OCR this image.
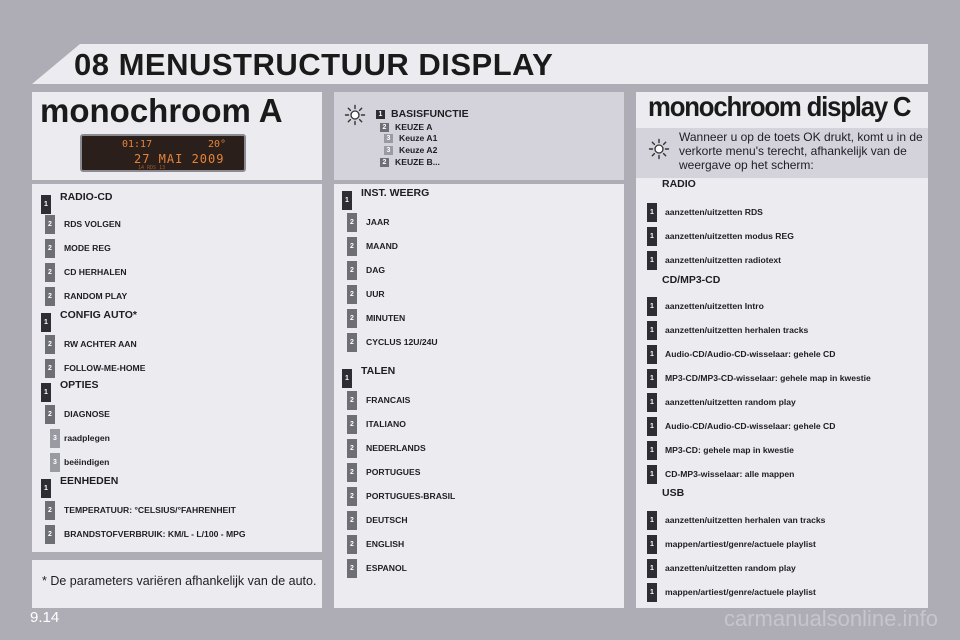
08 MENUSTRUCTUUR DISPLAY
monochroom A
01:17	20°
27 MAI 2009
14 RDS 13
1
RADIO-CD
2	RDS VOLGEN
2	MODE REG
2	CD HERHALEN
2	RANDOM PLAY
1
CONFIG AUTO*
2	RW ACHTER AAN
2	FOLLOW-ME-HOME
1
OPTIES
2	DIAGNOSE
3 raadplegen
3 beëindigen
1
EENHEDEN
2	TEMPERATUUR: °CELSIUS/°FAHRENHEIT
2	BRANDSTOFVERBRUIK: KM/L - L/100 - MPG
* De parameters variëren afhankelijk van de auto.
1 BASISFUNCTIE
2 KEUZE A
3 Keuze A1
3 Keuze A2
2 KEUZE B...
1
INST. WEERG
2	JAAR
2	MAAND
2	DAG
2	UUR
2	MINUTEN
2	CYCLUS 12U/24U
1
TALEN
2	FRANCAIS
2	ITALIANO
2	NEDERLANDS
2	PORTUGUES
2	PORTUGUES-BRASIL
2	DEUTSCH
2	ENGLISH
2	ESPANOL
monochroom display C
Wanneer u op de toets OK drukt, komt u in de verkorte menu's terecht, afhankelijk van de weergave op het scherm:
RADIO
1	aanzetten/uitzetten RDS
1	aanzetten/uitzetten modus REG
1	aanzetten/uitzetten radiotext
CD/MP3-CD
1	aanzetten/uitzetten Intro
1	aanzetten/uitzetten herhalen tracks
1	Audio-CD/Audio-CD-wisselaar: gehele CD
1	MP3-CD/MP3-CD-wisselaar: gehele map in kwestie
1	aanzetten/uitzetten random play
1	Audio-CD/Audio-CD-wisselaar: gehele CD
1	MP3-CD: gehele map in kwestie
1	CD-MP3-wisselaar: alle mappen
USB
1	aanzetten/uitzetten herhalen van tracks
1	mappen/artiest/genre/actuele playlist
1	aanzetten/uitzetten random play
1	mappen/artiest/genre/actuele playlist
9.14	carmanualsonline.info
